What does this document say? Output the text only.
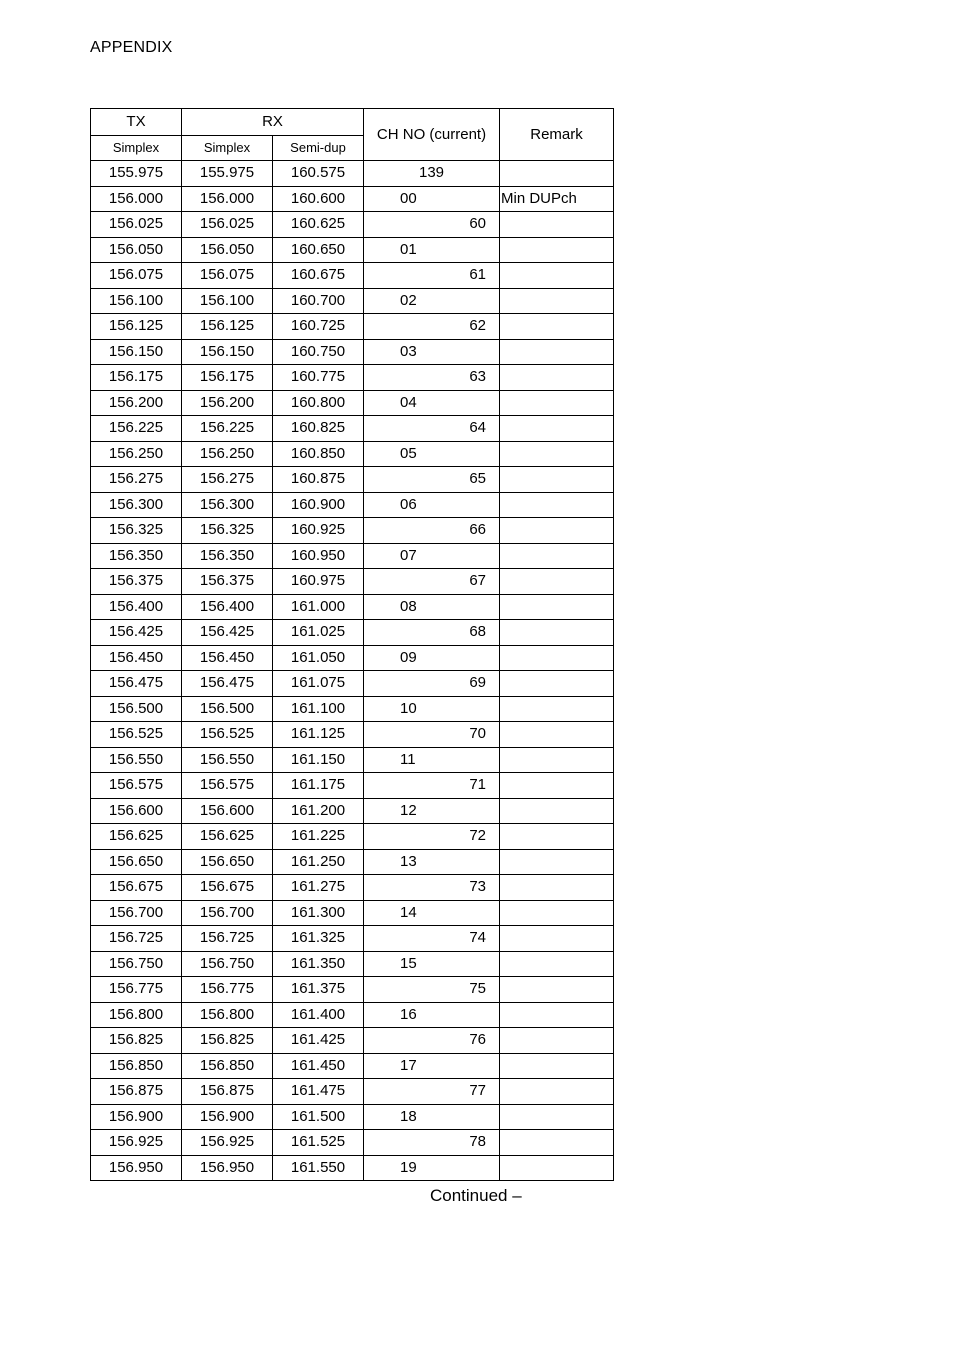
APPENDIX
TX	RX		CH NO (current)	Remark
Simplex	Simplex	Semi-dup		
155.975	155.975	160.575	139	
156.000	156.000	160.600	00	Min DUPch
156.025	156.025	160.625	60	
156.050	156.050	160.650	01	
156.075	156.075	160.675	61	
156.100	156.100	160.700	02	
156.125	156.125	160.725	62	
156.150	156.150	160.750	03	
156.175	156.175	160.775	63	
156.200	156.200	160.800	04	
156.225	156.225	160.825	64	
156.250	156.250	160.850	05	
156.275	156.275	160.875	65	
156.300	156.300	160.900	06	
156.325	156.325	160.925	66	
156.350	156.350	160.950	07	
156.375	156.375	160.975	67	
156.400	156.400	161.000	08	
156.425	156.425	161.025	68	
156.450	156.450	161.050	09	
156.475	156.475	161.075	69	
156.500	156.500	161.100	10	
156.525	156.525	161.125	70	
156.550	156.550	161.150	11	
156.575	156.575	161.175	71	
156.600	156.600	161.200	12	
156.625	156.625	161.225	72	
156.650	156.650	161.250	13	
156.675	156.675	161.275	73	
156.700	156.700	161.300	14	
156.725	156.725	161.325	74	
156.750	156.750	161.350	15	
156.775	156.775	161.375	75	
156.800	156.800	161.400	16	
156.825	156.825	161.425	76	
156.850	156.850	161.450	17	
156.875	156.875	161.475	77	
156.900	156.900	161.500	18	
156.925	156.925	161.525	78	
156.950	156.950	161.550	19	
Continued –
